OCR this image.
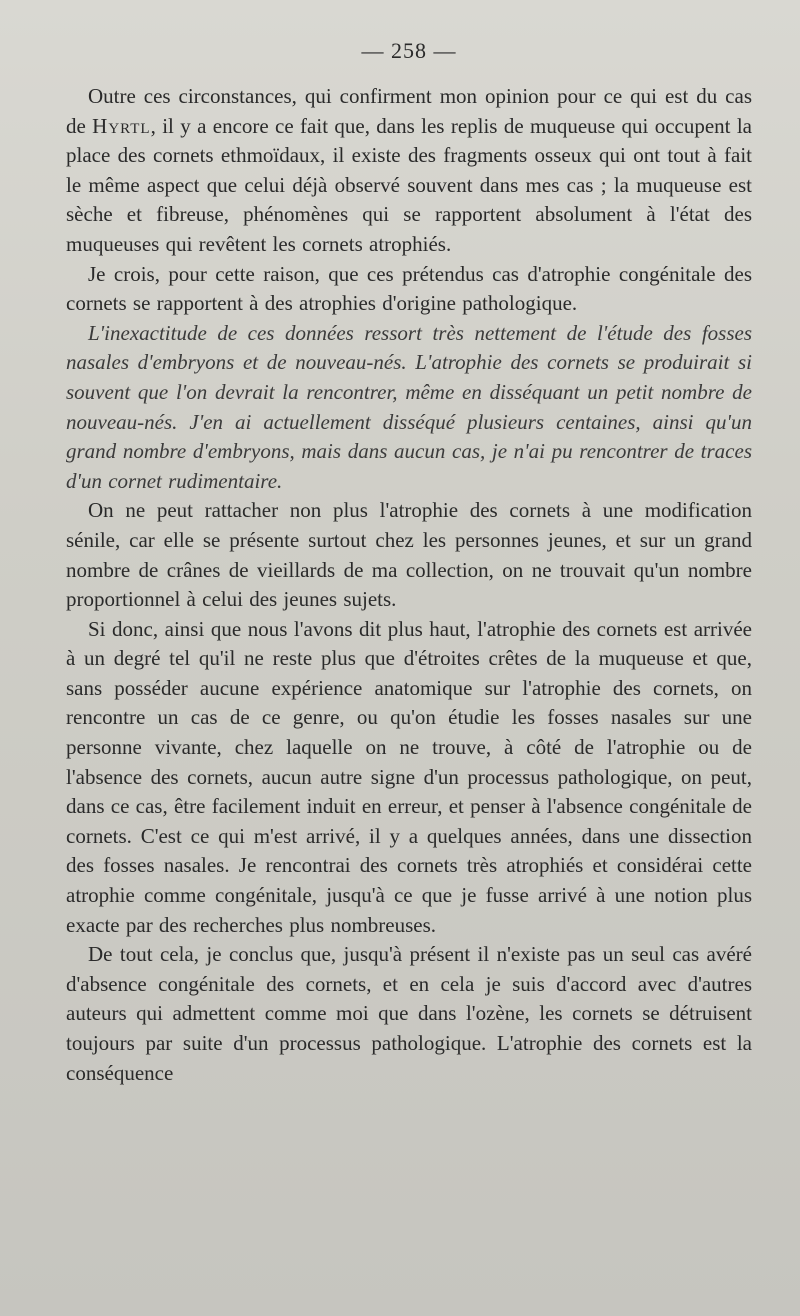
— 258 —

Outre ces circonstances, qui confirment mon opinion pour ce qui est du cas de Hyrtl, il y a encore ce fait que, dans les replis de muqueuse qui occupent la place des cornets ethmoïdaux, il existe des fragments osseux qui ont tout à fait le même aspect que celui déjà observé souvent dans mes cas ; la muqueuse est sèche et fibreuse, phénomènes qui se rapportent absolument à l'état des muqueuses qui revêtent les cornets atrophiés.

Je crois, pour cette raison, que ces prétendus cas d'atrophie congénitale des cornets se rapportent à des atrophies d'origine pathologique.

L'inexactitude de ces données ressort très nettement de l'étude des fosses nasales d'embryons et de nouveau-nés. L'atrophie des cornets se produirait si souvent que l'on devrait la rencontrer, même en disséquant un petit nombre de nouveau-nés. J'en ai actuellement disséqué plusieurs centaines, ainsi qu'un grand nombre d'embryons, mais dans aucun cas, je n'ai pu rencontrer de traces d'un cornet rudimentaire.

On ne peut rattacher non plus l'atrophie des cornets à une modification sénile, car elle se présente surtout chez les personnes jeunes, et sur un grand nombre de crânes de vieillards de ma collection, on ne trouvait qu'un nombre proportionnel à celui des jeunes sujets.

Si donc, ainsi que nous l'avons dit plus haut, l'atrophie des cornets est arrivée à un degré tel qu'il ne reste plus que d'étroites crêtes de la muqueuse et que, sans posséder aucune expérience anatomique sur l'atrophie des cornets, on rencontre un cas de ce genre, ou qu'on étudie les fosses nasales sur une personne vivante, chez laquelle on ne trouve, à côté de l'atrophie ou de l'absence des cornets, aucun autre signe d'un processus pathologique, on peut, dans ce cas, être facilement induit en erreur, et penser à l'absence congénitale de cornets. C'est ce qui m'est arrivé, il y a quelques années, dans une dissection des fosses nasales. Je rencontrai des cornets très atrophiés et considérai cette atrophie comme congénitale, jusqu'à ce que je fusse arrivé à une notion plus exacte par des recherches plus nombreuses.

De tout cela, je conclus que, jusqu'à présent il n'existe pas un seul cas avéré d'absence congénitale des cornets, et en cela je suis d'accord avec d'autres auteurs qui admettent comme moi que dans l'ozène, les cornets se détruisent toujours par suite d'un processus pathologique. L'atrophie des cornets est la conséquence
